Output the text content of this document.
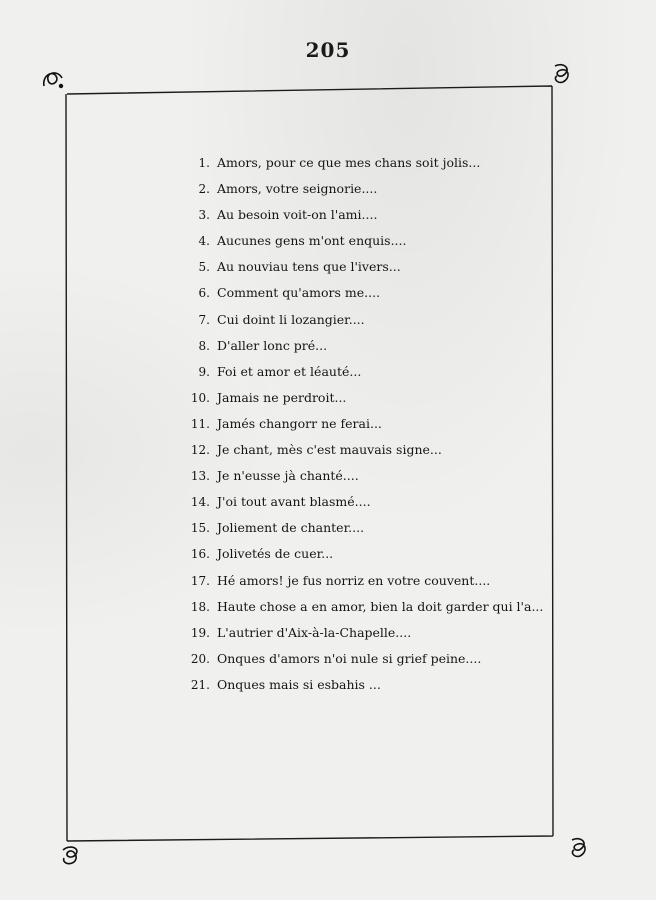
205
1. Amors, pour ce que mes chans soit jolis...
2. Amors, votre seignorie....
3. Au besoin voit-on l'ami....
4. Aucunes gens m'ont enquis....
5. Au nouviau tens que l'ivers...
6. Comment qu'amors me....
7. Cui doint li lozangier....
8. D'aller lonc pré...
9. Foi et amor et léauté...
10. Jamais ne perdroit...
11. Jamés changorr ne ferai...
12. Je chant, mès c'est mauvais signe...
13. Je n'eusse jà chanté....
14. J'oi tout avant blasmé....
15. Joliement de chanter....
16. Jolivetés de cuer...
17. Hé amors! je fus norriz en votre couvent....
18. Haute chose a en amor, bien la doit garder qui l'a...
19. L'autrier d'Aix-à-la-Chapelle....
20. Onques d'amors n'oi nule si grief peine....
21. Onques mais si esbahis ...
